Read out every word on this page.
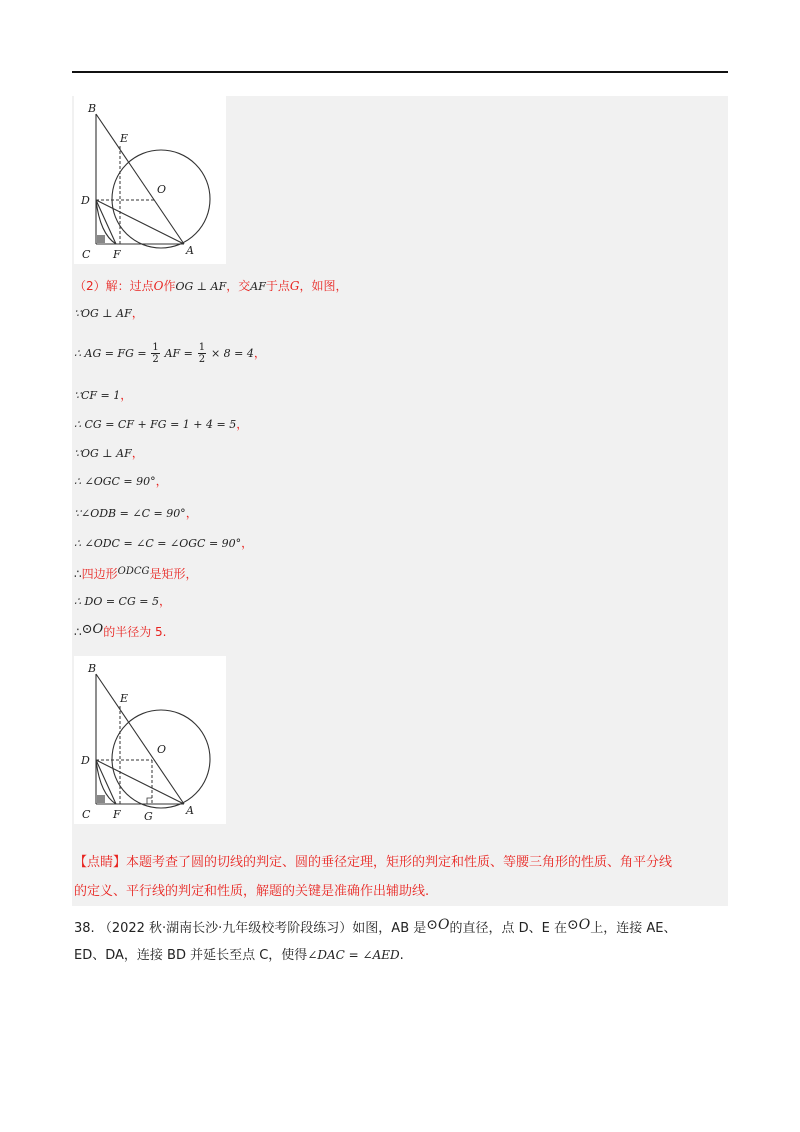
B
E
O
D
C F	A
（2）解：过点O作OG ⊥ AF，交AF于点G，如图，
∵OG ⊥ AF，
∴ AG = FG = $\frac{1}{2}$ AF = $\frac{1}{2} \times 8 = 4$，
∵CF = 1，
∴ CG = CF + FG = 1 + 4 = 5，
∵OG ⊥ AF，
∴ ∠OGC = 90°，
∵∠ODB = ∠C = 90°，
∴ ∠ODC = ∠C = ∠OGC = 90°，
∴四边形$^{ODCG}$是矩形，
∴ DO = CG = 5，
∴⊙O的半径为 5.
B
E
O
D
C F G	A
【点睛】本题考查了圆的切线的判定、圆的垂径定理，矩形的判定和性质、等腰三角形的性质、角平分线
的定义、平行线的判定和性质，解题的关键是准确作出辅助线.
38. （2022 秋·湖南长沙·九年级校考阶段练习）如图，AB 是⊙O的直径，点 D、E 在⊙O上，连接 AE、
ED、DA，连接 BD 并延长至点 C，使得∠DAC = ∠AED.
